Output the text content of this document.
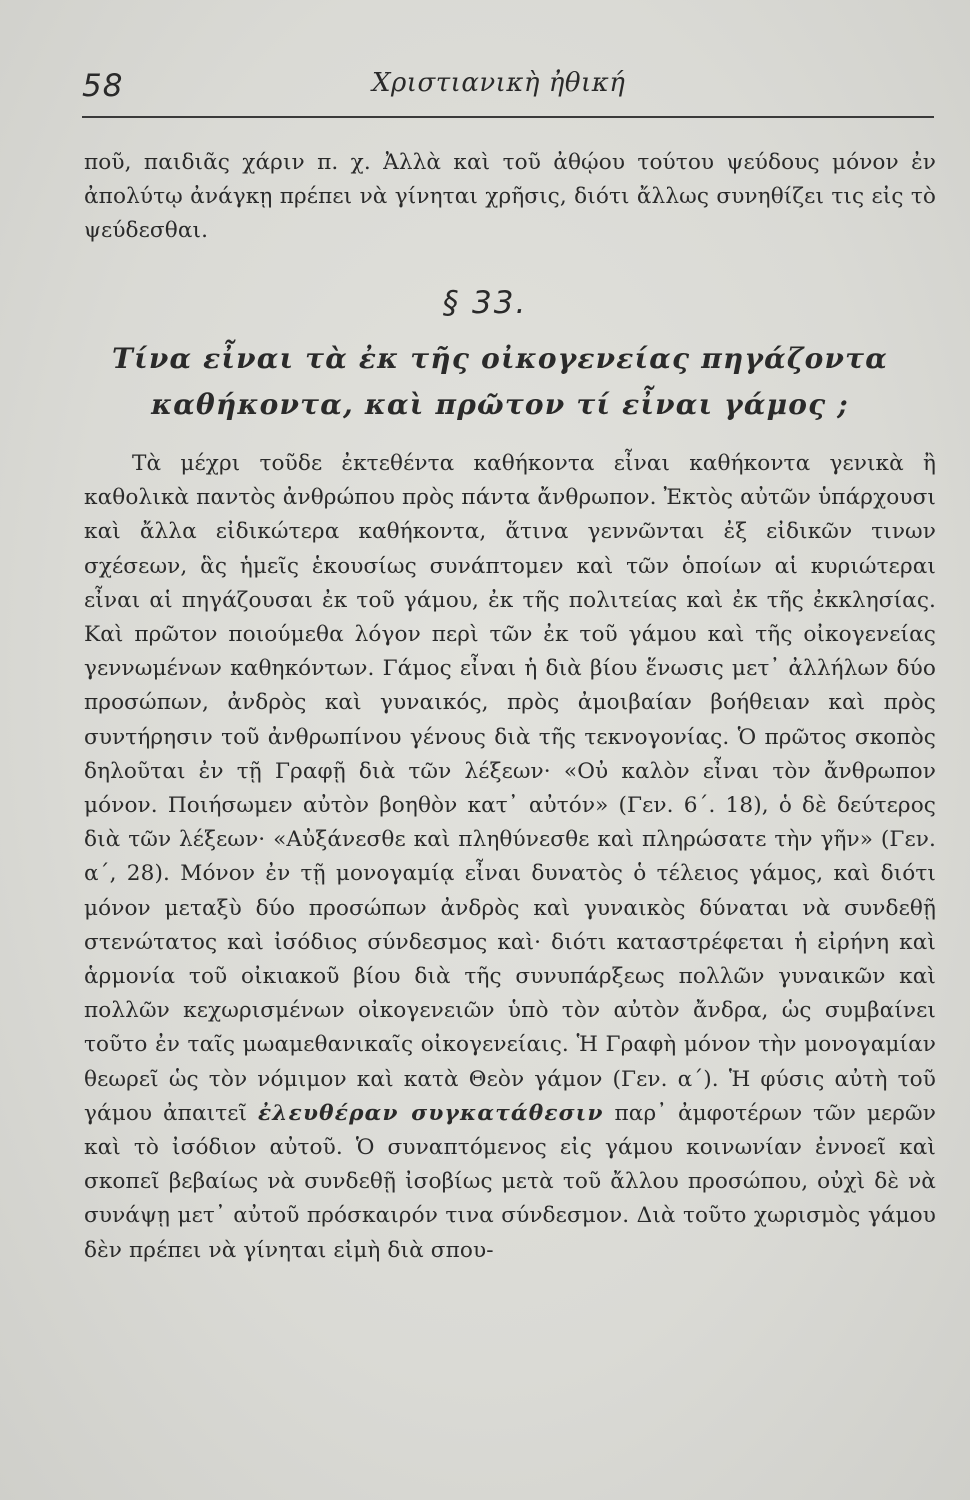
58	Χριστιανικὴ ἠθική

ποῦ, παιδιᾶς χάριν π. χ. Ἀλλὰ καὶ τοῦ ἀθῴου τούτου ψεύδους μόνον ἐν ἀπολύτῳ ἀνάγκῃ πρέπει νὰ γίνηται χρῆσις, διότι ἄλλως συνηθίζει τις εἰς τὸ ψεύδεσθαι.

§ 33.
Τίνα εἶναι τὰ ἐκ τῆς οἰκογενείας πηγάζοντα
καθήκοντα, καὶ πρῶτον τί εἶναι γάμος ;

Τὰ μέχρι τοῦδε ἐκτεθέντα καθήκοντα εἶναι καθήκοντα γενικὰ ἢ καθολικὰ παντὸς ἀνθρώπου πρὸς πάντα ἄνθρωπον. Ἐκτὸς αὐτῶν ὑπάρχουσι καὶ ἄλλα εἰδικώτερα καθήκοντα, ἅτινα γεννῶνται ἐξ εἰδικῶν τινων σχέσεων, ἃς ἡμεῖς ἑκουσίως συνάπτομεν καὶ τῶν ὁποίων αἱ κυριώτεραι εἶναι αἱ πηγάζουσαι ἐκ τοῦ γάμου, ἐκ τῆς πολιτείας καὶ ἐκ τῆς ἐκκλησίας. Καὶ πρῶτον ποιούμεθα λόγον περὶ τῶν ἐκ τοῦ γάμου καὶ τῆς οἰκογενείας γεννωμένων καθηκόντων. Γάμος εἶναι ἡ διὰ βίου ἕνωσις μετ᾽ ἀλλήλων δύο προσώπων, ἀνδρὸς καὶ γυναικός, πρὸς ἀμοιβαίαν βοήθειαν καὶ πρὸς συντήρησιν τοῦ ἀνθρωπίνου γένους διὰ τῆς τεκνογονίας. Ὁ πρῶτος σκοπὸς δηλοῦται ἐν τῇ Γραφῇ διὰ τῶν λέξεων· «Οὐ καλὸν εἶναι τὸν ἄνθρωπον μόνον. Ποιήσωμεν αὐτὸν βοηθὸν κατ᾽ αὐτόν» (Γεν. 6΄. 18), ὁ δὲ δεύτερος διὰ τῶν λέξεων· «Αὐξάνεσθε καὶ πληθύνεσθε καὶ πληρώσατε τὴν γῆν» (Γεν. α΄, 28). Μόνον ἐν τῇ μονογαμίᾳ εἶναι δυνατὸς ὁ τέλειος γάμος, καὶ διότι μόνον μεταξὺ δύο προσώπων ἀνδρὸς καὶ γυναικὸς δύναται νὰ συνδεθῇ στενώτατος καὶ ἰσόδιος σύνδεσμος καὶ· διότι καταστρέφεται ἡ εἰρήνη καὶ ἁρμονία τοῦ οἰκιακοῦ βίου διὰ τῆς συνυπάρξεως πολλῶν γυναικῶν καὶ πολλῶν κεχωρισμένων οἰκογενειῶν ὑπὸ τὸν αὐτὸν ἄνδρα, ὡς συμβαίνει τοῦτο ἐν ταῖς μωαμεθανικαῖς οἰκογενείαις. Ἡ Γραφὴ μόνον τὴν μονογαμίαν θεωρεῖ ὡς τὸν νόμιμον καὶ κατὰ Θεὸν γάμον (Γεν. α΄). Ἡ φύσις αὐτὴ τοῦ γάμου ἀπαιτεῖ ἐλευθέραν συγκατάθεσιν παρ᾽ ἀμφοτέρων τῶν μερῶν καὶ τὸ ἰσόδιον αὐτοῦ. Ὁ συναπτόμενος εἰς γάμου κοινωνίαν ἐννοεῖ καὶ σκοπεῖ βεβαίως νὰ συνδεθῇ ἰσοβίως μετὰ τοῦ ἄλλου προσώπου, οὐχὶ δὲ νὰ συνάψῃ μετ᾽ αὐτοῦ πρόσκαιρόν τινα σύνδεσμον. Διὰ τοῦτο χωρισμὸς γάμου δὲν πρέπει νὰ γίνηται εἰμὴ διὰ σπου-
